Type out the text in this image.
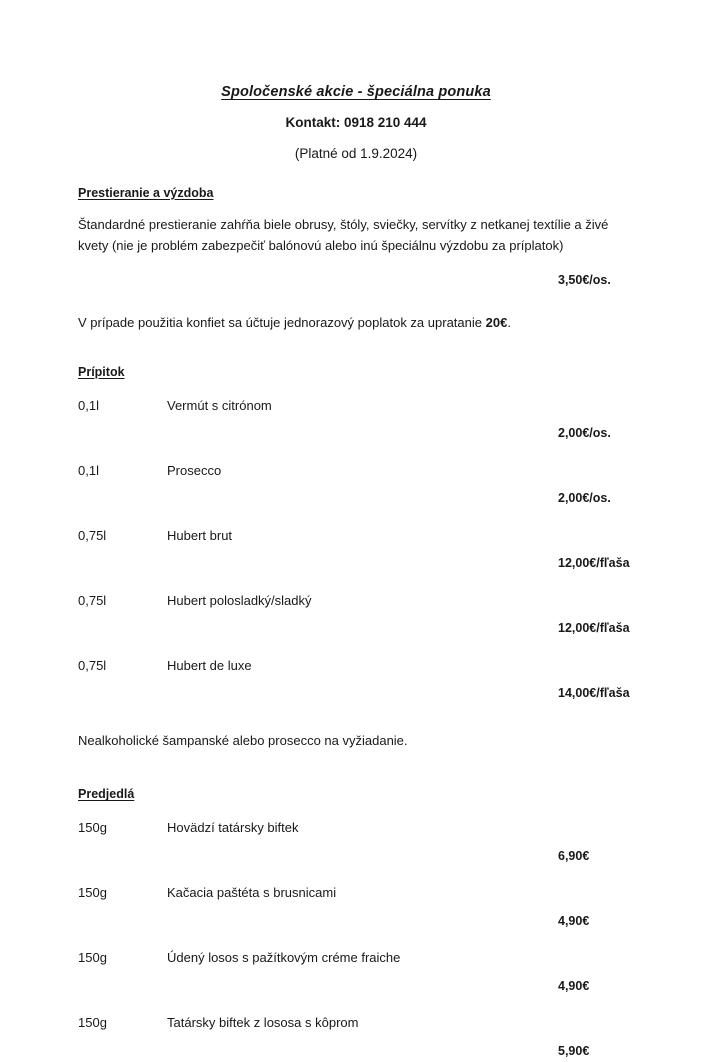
Spoločenské akcie - špeciálna ponuka
Kontakt: 0918 210 444
(Platné od 1.9.2024)
Prestieranie a výzdoba
Štandardné prestieranie zahŕňa biele obrusy, štóly, sviečky, servítky z netkanej textílie a živé
kvety (nie je problém zabezpečiť balónovú alebo inú špeciálnu výzdobu za príplatok)
3,50€/os.
V prípade použitia konfiet sa účtuje jednorazový poplatok za upratanie 20€.
Prípitok
0,1l	Vermút s citrónom
2,00€/os.
0,1l	Prosecco
2,00€/os.
0,75l	Hubert brut
12,00€/fľaša
0,75l	Hubert polosladký/sladký
12,00€/fľaša
0,75l	Hubert de luxe
14,00€/fľaša
Nealkoholické šampanské alebo prosecco na vyžiadanie.
Predjedlá
150g	Hovädzí tatársky biftek
6,90€
150g	Kačacia paštéta s brusnicami
4,90€
150g	Údený losos s pažítkovým créme fraiche
4,90€
150g	Tatársky biftek z lososa s kôprom
5,90€
